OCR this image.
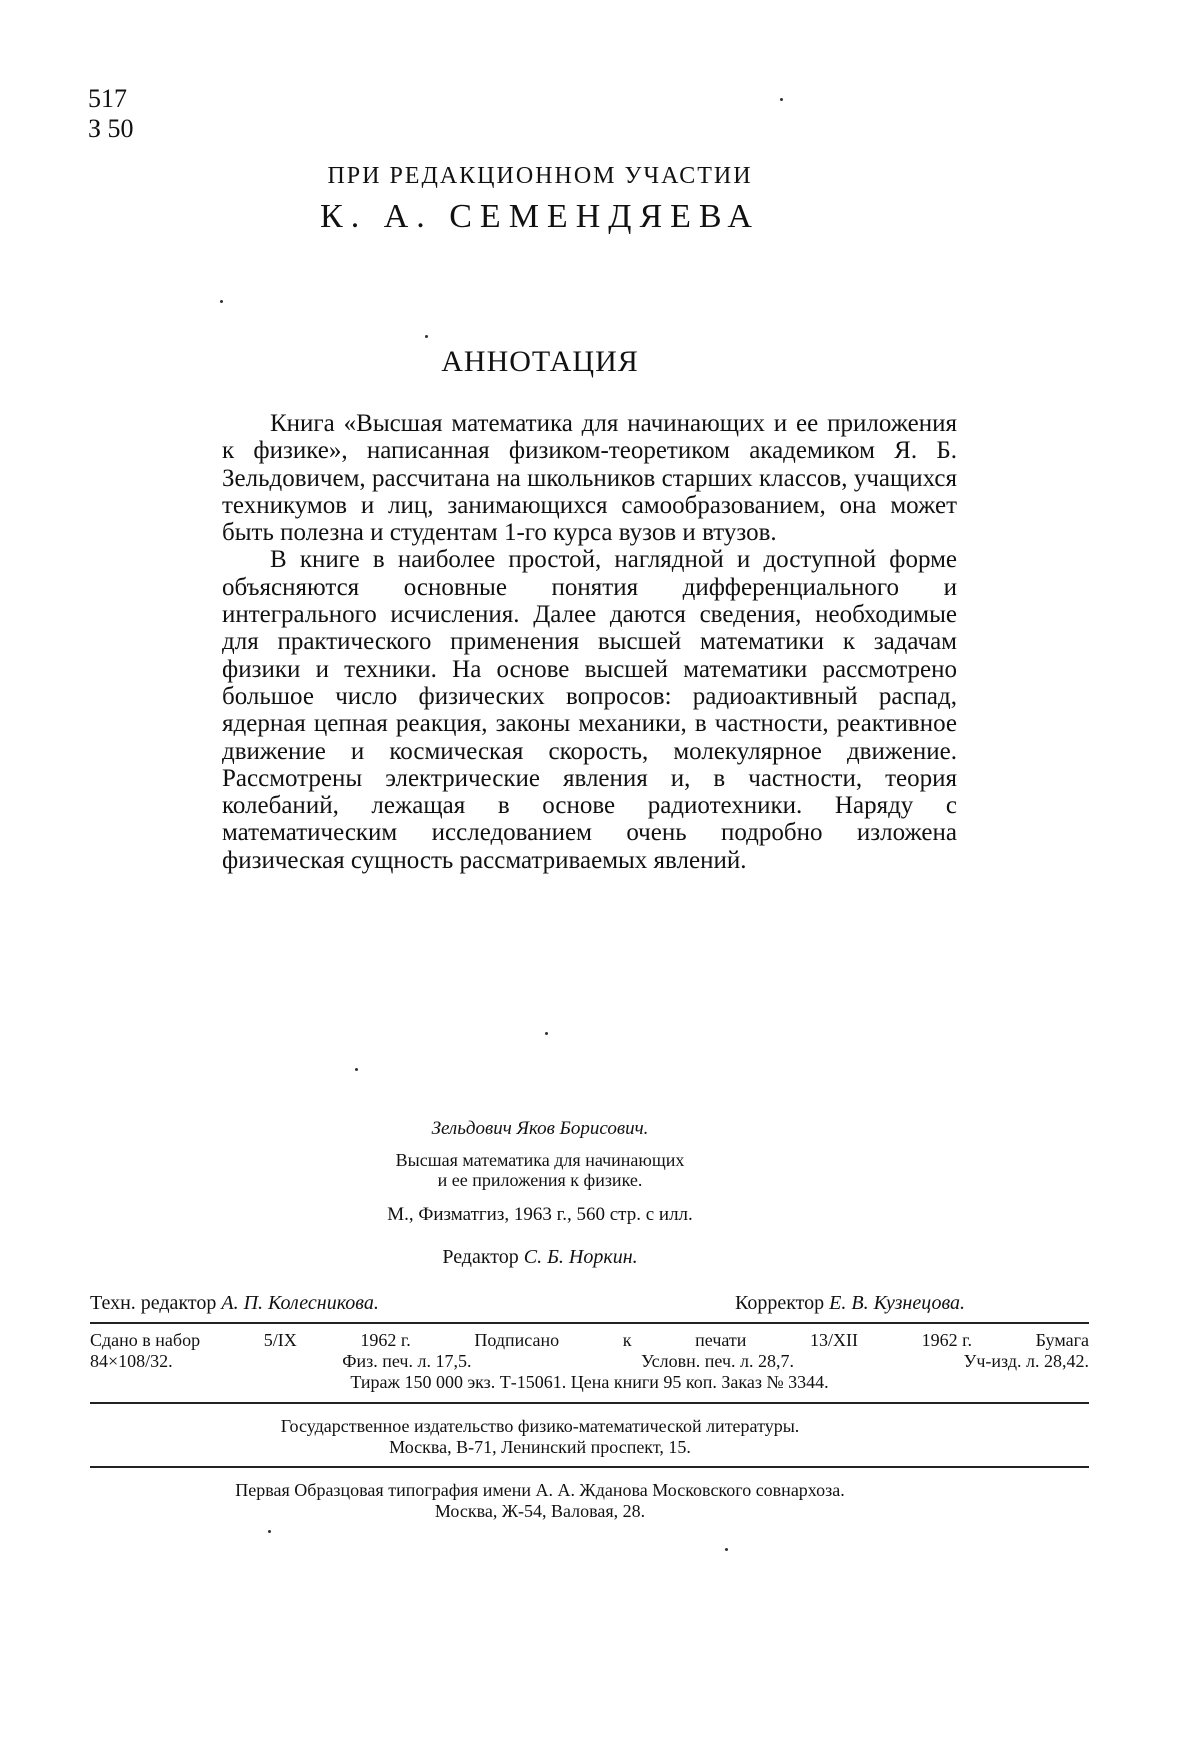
517
З 50
ПРИ РЕДАКЦИОННОМ УЧАСТИИ
К. А. СЕМЕНДЯЕВА
АННОТАЦИЯ

Книга «Высшая математика для начинающих и ее приложения к физике», написанная физиком-теоретиком академиком Я. Б. Зельдовичем, рассчитана на школьников старших классов, учащихся техникумов и лиц, занимающихся самообразованием, она может быть полезна и студентам 1-го курса вузов и втузов.

В книге в наиболее простой, наглядной и доступной форме объясняются основные понятия дифференциального и интегрального исчисления. Далее даются сведения, необходимые для практического применения высшей математики к задачам физики и техники. На основе высшей математики рассмотрено большое число физических вопросов: радиоактивный распад, ядерная цепная реакция, законы механики, в частности, реактивное движение и космическая скорость, молекулярное движение. Рассмотрены электрические явления и, в частности, теория колебаний, лежащая в основе радиотехники. Наряду с математическим исследованием очень подробно изложена физическая сущность рассматриваемых явлений.

Зельдович Яков Борисович.
Высшая математика для начинающих
и ее приложения к физике.
М., Физматгиз, 1963 г., 560 стр. с илл.
Редактор С. Б. Норкин.
Техн. редактор А. П. Колесникова.	Корректор Е. В. Кузнецова.
Сдано в набор	5/IX	1962 г.	Подписано	к	печати	13/XII	1962 г.	Бумага
84×108/32.	Физ. печ. л. 17,5.	Условн. печ. л. 28,7.	Уч-изд. л. 28,42.
Тираж 150 000 экз. Т-15061. Цена книги 95 коп. Заказ № 3344.
Государственное издательство физико-математической литературы.
Москва, В-71, Ленинский проспект, 15.
Первая Образцовая типография имени А. А. Жданова Московского совнархоза.
Москва, Ж-54, Валовая, 28.
